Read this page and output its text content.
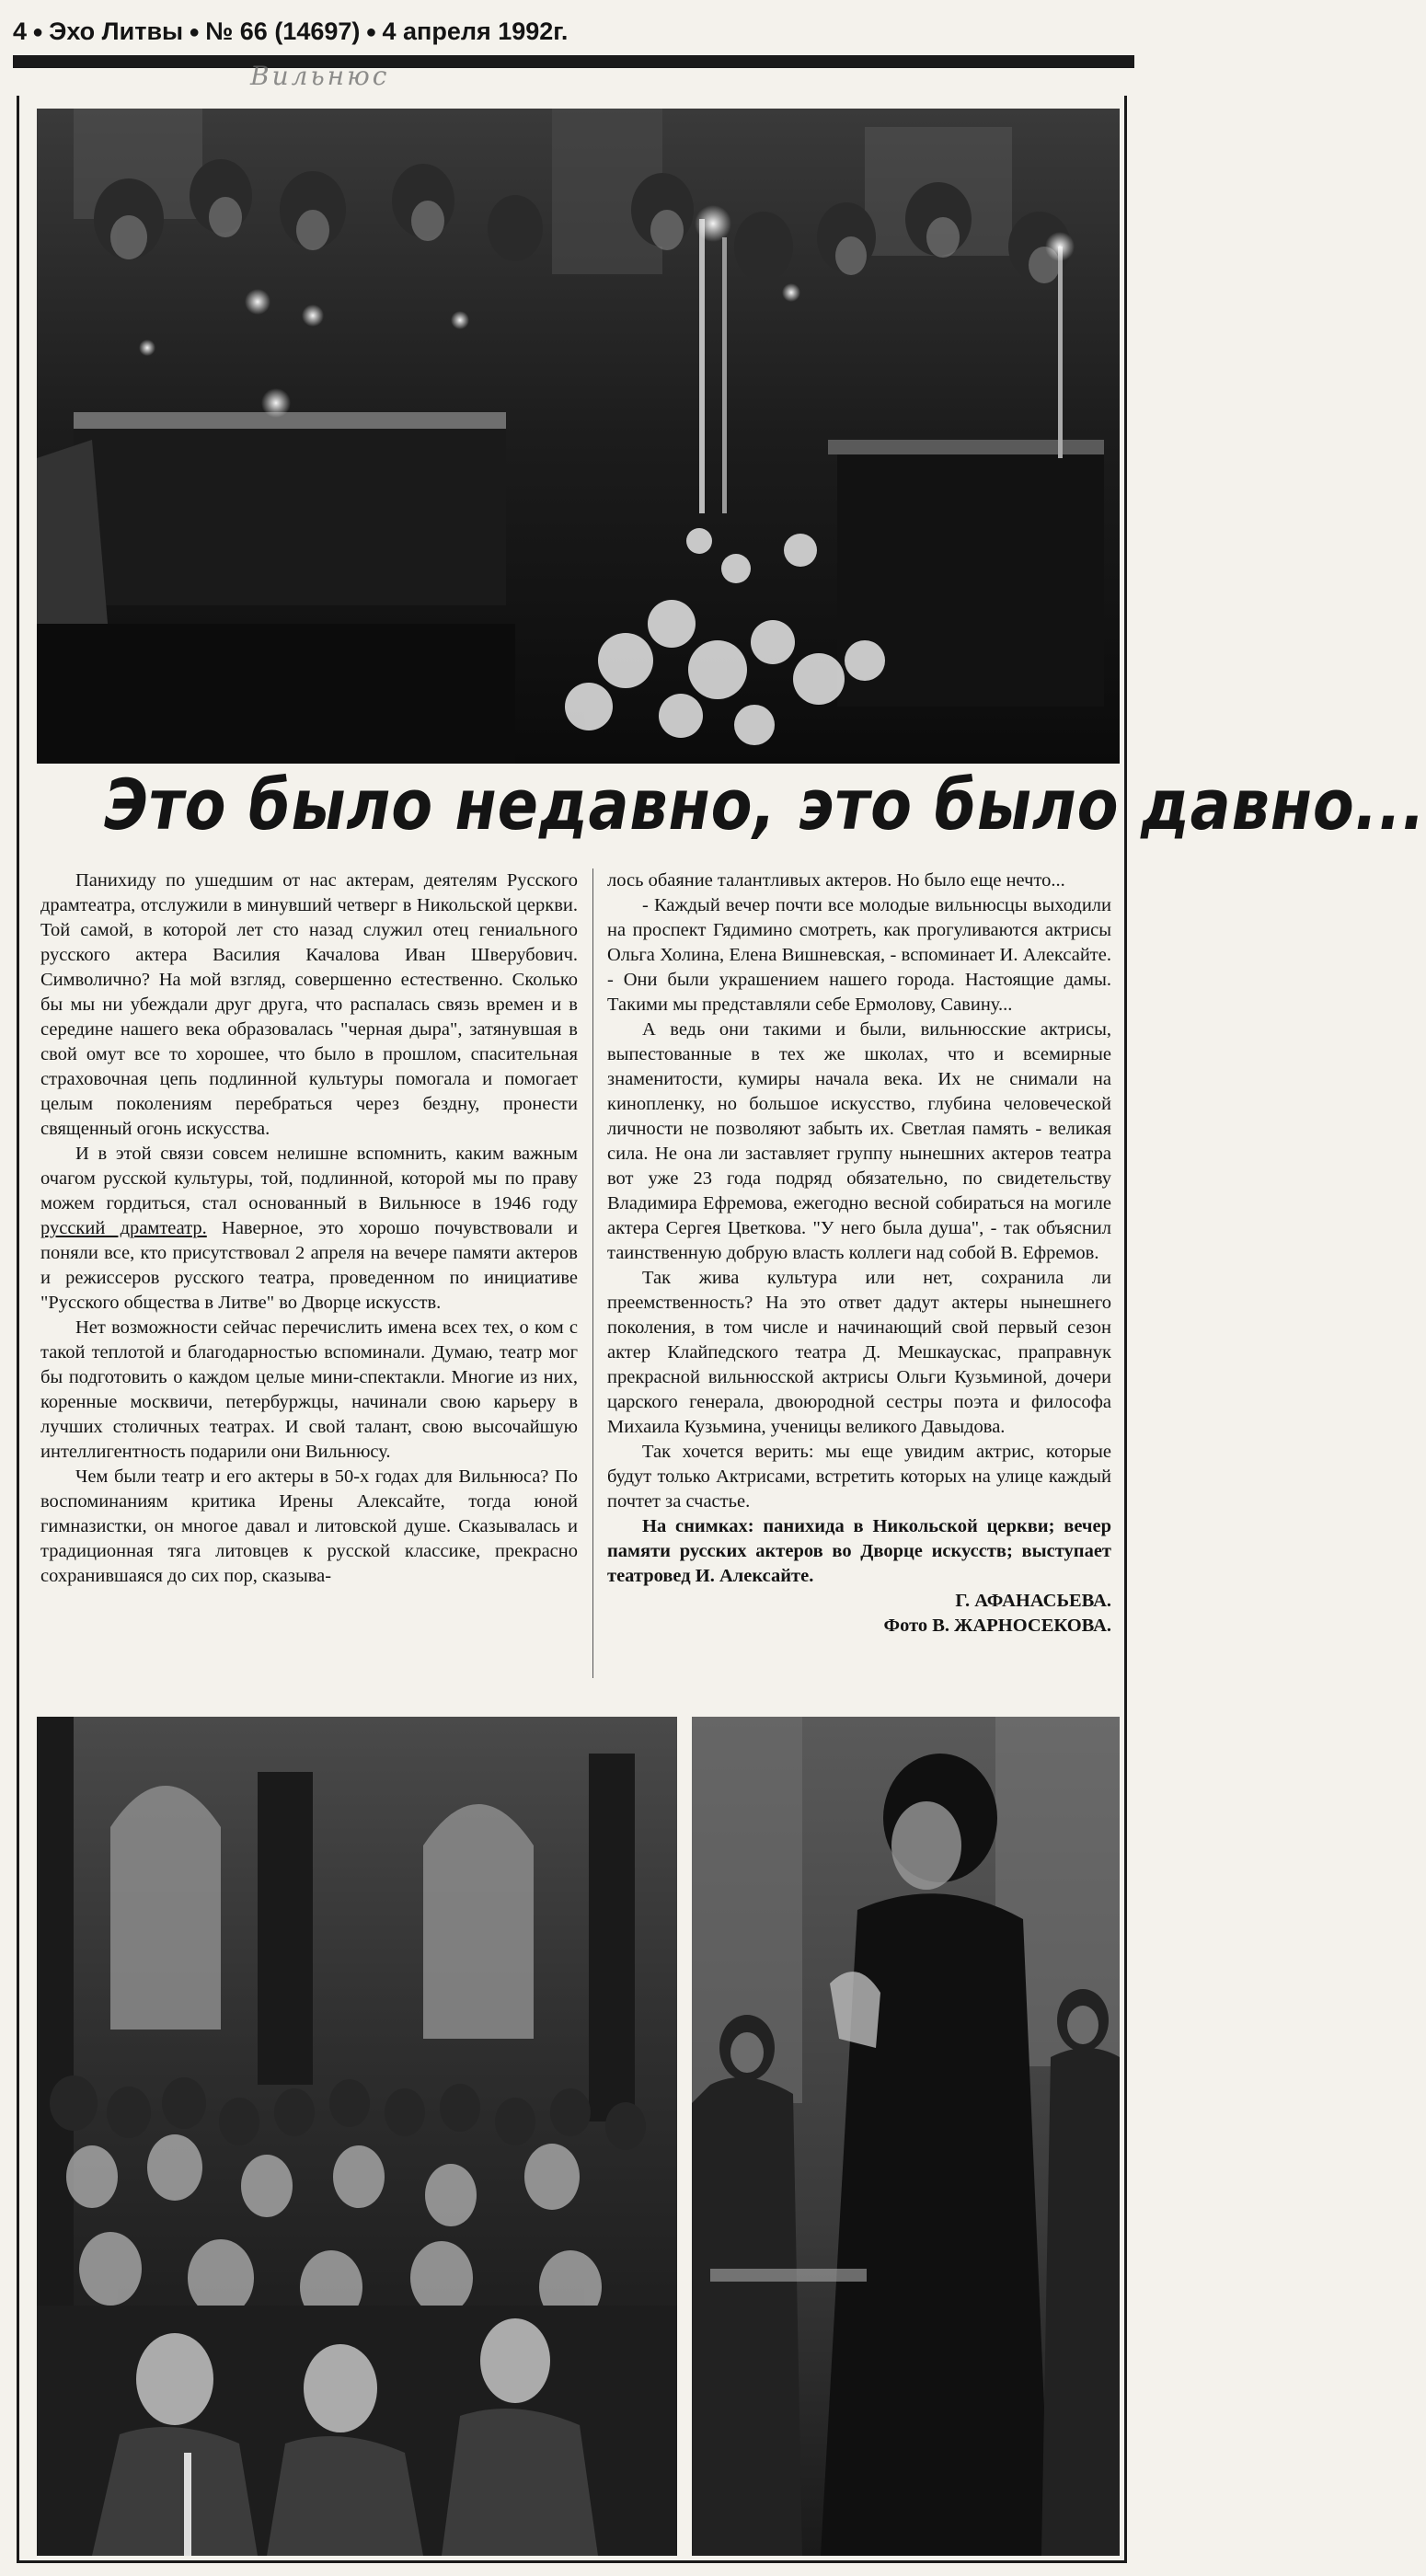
4 ● Эхо Литвы ● № 66 (14697) ● 4 апреля 1992г.
Вильнюс
Это было недавно, это было давно...

Панихиду по ушедшим от нас актерам, деятелям Русского драмтеатра, отслужили в минувший четверг в Никольской церкви. Той самой, в которой лет сто назад служил отец гениального русского актера Василия Качалова Иван Шверубович. Символично? На мой взгляд, совершенно естественно. Сколько бы мы ни убеждали друг друга, что распалась связь времен и в середине нашего века образовалась "черная дыра", затянувшая в свой омут все то хорошее, что было в прошлом, спасительная страховочная цепь подлинной культуры помогала и помогает целым поколениям перебраться через бездну, пронести священный огонь искусства.

И в этой связи совсем нелишне вспомнить, каким важным очагом русской культуры, той, подлинной, которой мы по праву можем гордиться, стал основанный в Вильнюсе в 1946 году русский драмтеатр. Наверное, это хорошо почувствовали и поняли все, кто присутствовал 2 апреля на вечере памяти актеров и режиссеров русского театра, проведенном по инициативе "Русского общества в Литве" во Дворце искусств.

Нет возможности сейчас перечислить имена всех тех, о ком с такой теплотой и благодарностью вспоминали. Думаю, театр мог бы подготовить о каждом целые мини-спектакли. Многие из них, коренные москвичи, петербуржцы, начинали свою карьеру в лучших столичных театрах. И свой талант, свою высочайшую интеллигентность подарили они Вильнюсу.

Чем были театр и его актеры в 50-х годах для Вильнюса? По воспоминаниям критика Ирены Алексайте, тогда юной гимназистки, он многое давал и литовской душе. Сказывалась и традиционная тяга литовцев к русской классике, прекрасно сохранившаяся до сих пор, сказыва-

лось обаяние талантливых актеров. Но было еще нечто...

- Каждый вечер почти все молодые вильнюсцы выходили на проспект Гядимино смотреть, как прогуливаются актрисы Ольга Холина, Елена Вишневская, - вспоминает И. Алексайте. - Они были украшением нашего города. Настоящие дамы. Такими мы представляли себе Ермолову, Савину...

А ведь они такими и были, вильнюсские актрисы, выпестованные в тех же школах, что и всемирные знаменитости, кумиры начала века. Их не снимали на кинопленку, но большое искусство, глубина человеческой личности не позволяют забыть их. Светлая память - великая сила. Не она ли заставляет группу нынешних актеров театра вот уже 23 года подряд обязательно, по свидетельству Владимира Ефремова, ежегодно весной собираться на могиле актера Сергея Цветкова. "У него была душа", - так объяснил таинственную добрую власть коллеги над собой В. Ефремов.

Так жива культура или нет, сохранила ли преемственность? На это ответ дадут актеры нынешнего поколения, в том числе и начинающий свой первый сезон актер Клайпедского театра Д. Мешкаускас, праправнук прекрасной вильнюсской актрисы Ольги Кузьминой, дочери царского генерала, двоюродной сестры поэта и философа Михаила Кузьмина, ученицы великого Давыдова.

Так хочется верить: мы еще увидим актрис, которые будут только Актрисами, встретить которых на улице каждый почтет за счастье.

На снимках: панихида в Никольской церкви; вечер памяти русских актеров во Дворце искусств; выступает театровед И. Алексайте.

Г. АФАНАСЬЕВА.

Фото В. ЖАРНОСЕКОВА.
